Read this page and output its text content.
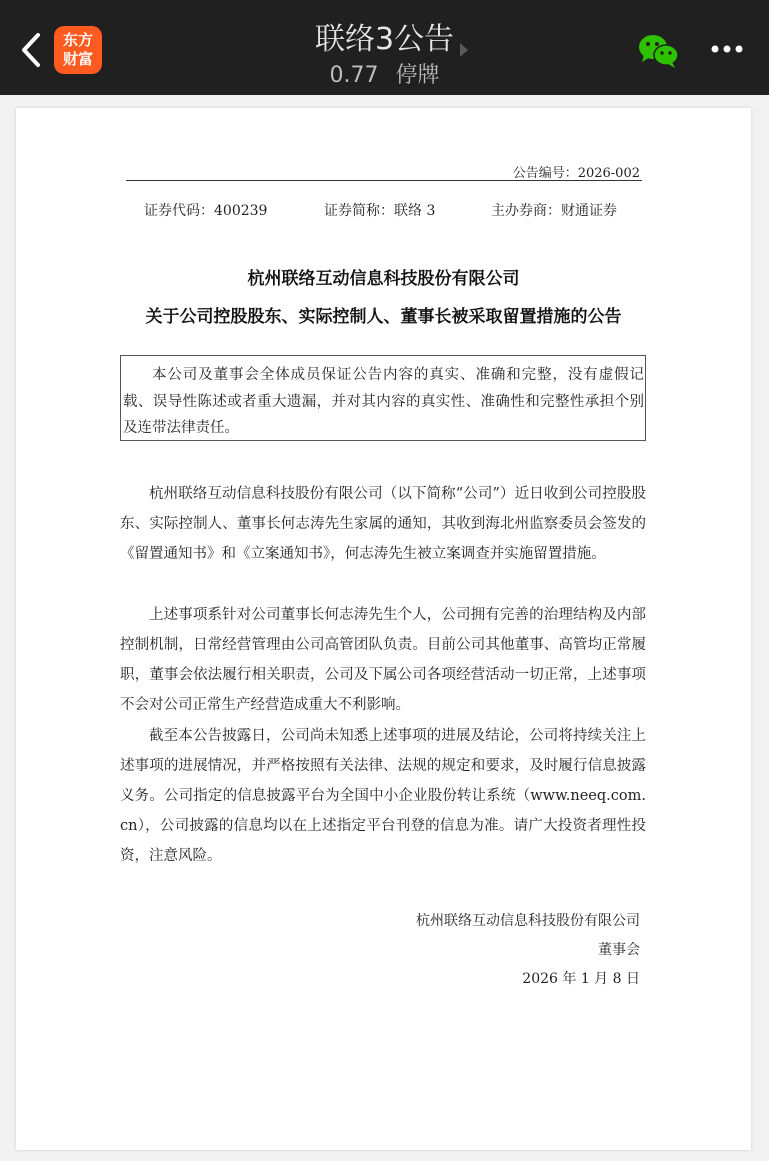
东方
财富
联络3公告
0.77 停牌
公告编号：2026-002
证券代码：400239	证券简称：联络 3	主办券商：财通证券
杭州联络互动信息科技股份有限公司
关于公司控股股东、实际控制人、董事长被采取留置措施的公告
本公司及董事会全体成员保证公告内容的真实、准确和完整，没有虚假记载、误导性陈述或者重大遗漏，并对其内容的真实性、准确性和完整性承担个别及连带法律责任。

杭州联络互动信息科技股份有限公司（以下简称“公司”）近日收到公司控股股东、实际控制人、董事长何志涛先生家属的通知，其收到海北州监察委员会签发的《留置通知书》和《立案通知书》，何志涛先生被立案调查并实施留置措施。

上述事项系针对公司董事长何志涛先生个人，公司拥有完善的治理结构及内部控制机制，日常经营管理由公司高管团队负责。目前公司其他董事、高管均正常履职，董事会依法履行相关职责，公司及下属公司各项经营活动一切正常，上述事项不会对公司正常生产经营造成重大不利影响。

截至本公告披露日，公司尚未知悉上述事项的进展及结论，公司将持续关注上述事项的进展情况，并严格按照有关法律、法规的规定和要求，及时履行信息披露义务。公司指定的信息披露平台为全国中小企业股份转让系统（www.neeq.com.cn），公司披露的信息均以在上述指定平台刊登的信息为准。请广大投资者理性投资，注意风险。

杭州联络互动信息科技股份有限公司
董事会
2026 年 1 月 8 日
